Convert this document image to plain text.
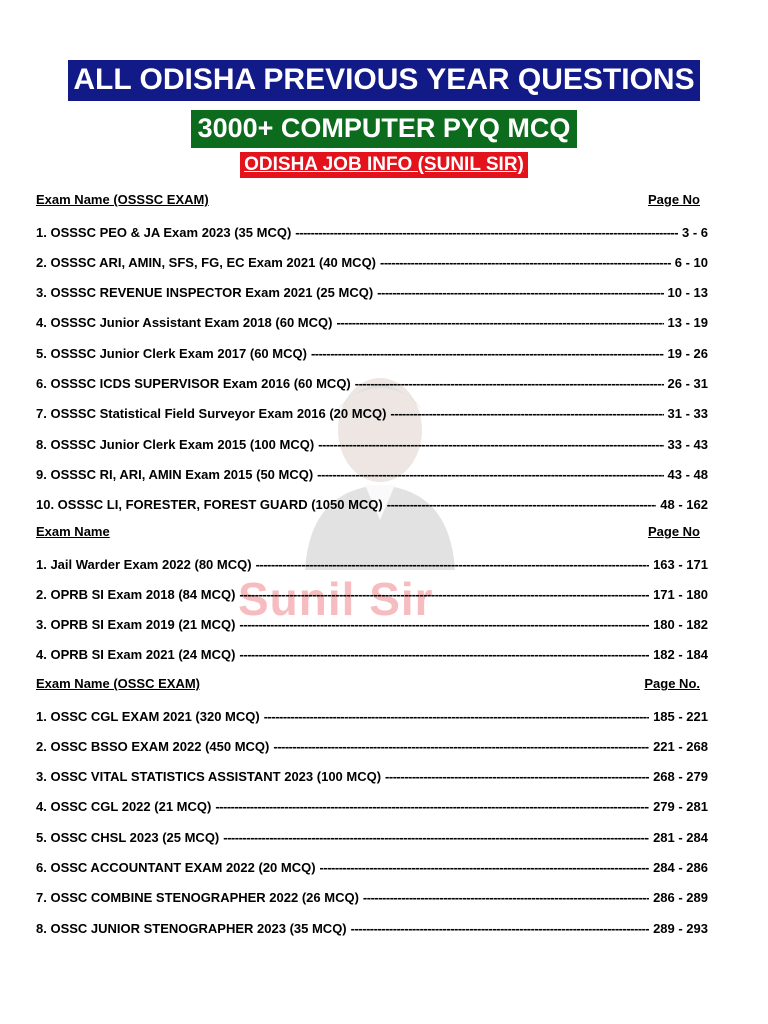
Sunil Sir
ALL ODISHA PREVIOUS YEAR QUESTIONS
3000+ COMPUTER PYQ MCQ
ODISHA JOB INFO (SUNIL SIR)
Exam Name (OSSSC EXAM)	Page No
1. OSSSC PEO & JA Exam 2023 (35 MCQ) -----	3 - 6
2. OSSSC ARI, AMIN, SFS, FG, EC Exam 2021 (40 MCQ) -----	6 - 10
3. OSSSC REVENUE INSPECTOR Exam 2021 (25 MCQ) -----	10 - 13
4. OSSSC Junior Assistant Exam 2018 (60 MCQ) -----	13 - 19
5. OSSSC Junior Clerk Exam 2017 (60 MCQ) -----	19 - 26
6. OSSSC ICDS SUPERVISOR Exam 2016 (60 MCQ) -----	26 - 31
7. OSSSC Statistical Field Surveyor Exam 2016 (20 MCQ) -----	31 - 33
8. OSSSC Junior Clerk Exam 2015 (100 MCQ) -----	33 - 43
9. OSSSC RI, ARI, AMIN Exam 2015 (50 MCQ) -----	43 - 48
10. OSSSC LI, FORESTER, FOREST GUARD (1050 MCQ) -----	48 - 162
Exam Name	Page No
1. Jail Warder Exam 2022 (80 MCQ) -----	163 - 171
2. OPRB SI Exam 2018 (84 MCQ) -----	171 - 180
3. OPRB SI Exam 2019 (21 MCQ) -----	180 - 182
4. OPRB SI Exam 2021 (24 MCQ) -----	182 - 184
Exam Name (OSSC EXAM)	Page No.
1. OSSC CGL EXAM 2021 (320 MCQ) -----	185 - 221
2. OSSC BSSO EXAM 2022 (450 MCQ) -----	221 - 268
3. OSSC VITAL STATISTICS ASSISTANT 2023 (100 MCQ) -----	268 - 279
4. OSSC CGL 2022 (21 MCQ) -----	279 - 281
5. OSSC CHSL 2023 (25 MCQ) -----	281 - 284
6. OSSC ACCOUNTANT EXAM 2022 (20 MCQ) -----	284 - 286
7. OSSC COMBINE STENOGRAPHER 2022 (26 MCQ) -----	286 - 289
8. OSSC JUNIOR STENOGRAPHER 2023 (35 MCQ) -----	289 - 293
